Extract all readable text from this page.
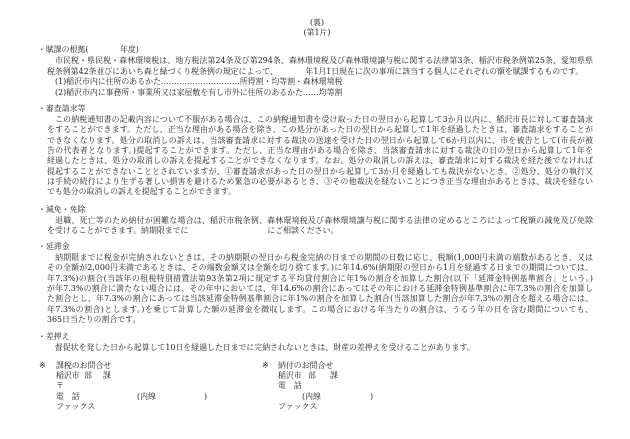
(裏)
(第1片)
・賦課の根拠(　　　　年度)
市民税・県民税・森林環境税は、地方税法第24条及び第294条、森林環境税及び森林環境譲与税に関する法律第3条、稲沢市税条例第25条、愛知県県
税条例第42条並びにあいち森と緑づくり税条例の規定によって、　　　　年1月1日現在に次の事項に該当する個人にそれぞれの額を賦課するものです。
(1)稲沢市内に住所のあるかた…………………………所得割・均等割・森林環境税
(2)稲沢市内に事務所・事業所又は家屋敷を有し市外に住所のあるかた……均等割
・審査請求等
　この納税通知書の記載内容について不服がある場合は、この納税通知書を受け取った日の翌日から起算して3か月以内に、稲沢市長に対して審査請求
をすることができます。ただし、正当な理由がある場合を除き、この処分があった日の翌日から起算して1年を経過したときは、審査請求をすることが
できなくなります。処分の取消しの訴えは、当該審査請求に対する裁決の送達を受けた日の翌日から起算して6か月以内に、市を被告として(市長が被
告の代表者となります。)提起することができます。ただし、正当な理由がある場合を除き、当該審査請求に対する裁決の日の翌日から起算して1年を
経過したときは、処分の取消しの訴えを提起することができなくなります。なお、処分の取消しの訴えは、審査請求に対する裁決を経た後でなければ
提起することができないこととされていますが、①審査請求があった日の翌日から起算して3か月を経過しても裁決がないとき、②処分、処分の執行又
は手続の続行により生ずる著しい損害を避けるため緊急の必要があるとき、③その他裁決を経ないことにつき正当な理由があるときは、裁決を経ない
でも処分の取消しの訴えを提起することができます。
・減免・免除
　退職、死亡等のため納付が困難な場合は、稲沢市税条例、森林環境税及び森林環境譲与税に関する法律の定めるところによって税額の減免及び免除
を受けることができます。納期限までに　　　　　　　　　　にご相談ください。
・延滞金
　納期限までに税金が完納されないときは、その納期限の翌日から税金完納の日までの期間の日数に応じ、税額(1,000円未満の端数があるとき、又は
その全額が2,000円未満であるときは、その端数金額又は全額を切り捨てます。)に年14.6%(納期限の翌日から1月を経過する日までの期間については、
年7.3%)の割合(当該年の租税特別措置法第93条第2項に規定する平均貸付割合に年1%の割合を加算した割合(以下「延滞金特例基準割合」という。)
が年7.3%の割合に満たない場合には、その年中においては、年14.6%の割合にあってはその年における延滞金特例基準割合に年7.3%の割合を加算し
た割合とし、年7.3%の割合にあっては当該延滞金特例基準割合に年1%の割合を加算した割合(当該加算した割合が年7.3%の割合を超える場合には、
年7.3%の割合)とします。)を乗じて計算した額の延滞金を徴収します。この場合における年当たりの割合は、うるう年の日を含む期間についても、
365日当たりの割合です。
・差押え
　督促状を発した日から起算して10日を経過した日までに完納されないときは、財産の差押えを受けることがあります。
※ 課税のお問合せ
稲沢市 部 課
〒
電　話	(内線	)
ファックス
※ 納付のお問合せ
稲沢市 部 課
電　話
(内線	)
ファックス
